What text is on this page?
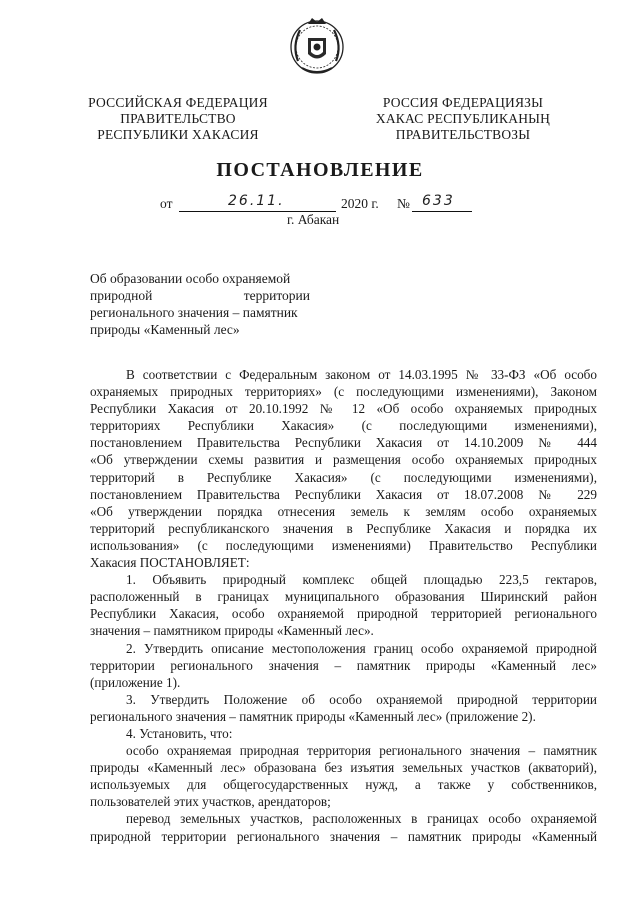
РОССИЙСКАЯ ФЕДЕРАЦИЯ
ПРАВИТЕЛЬСТВО
РЕСПУБЛИКИ ХАКАСИЯ
РОССИЯ ФЕДЕРАЦИЯЗЫ
ХАКАС РЕСПУБЛИКАНЫҢ
ПРАВИТЕЛЬСТВОЗЫ
ПОСТАНОВЛЕНИЕ
от	26.11.	2020 г. № 633
г. Абакан
Об образовании особо охраняемой
природной	территории
регионального значения – памятник
природы «Каменный лес»

В соответствии с Федеральным законом от 14.03.1995 № 33-ФЗ «Об особо

охраняемых природных территориях» (с последующими изменениями), Законом

Республики Хакасия от 20.10.1992 № 12 «Об особо охраняемых природных

территориях Республики Хакасия» (с последующими изменениями),

постановлением Правительства Республики Хакасия от 14.10.2009 № 444

«Об утверждении схемы развития и размещения особо охраняемых природных

территорий в Республике Хакасия» (с последующими изменениями),

постановлением Правительства Республики Хакасия от 18.07.2008 № 229

«Об утверждении порядка отнесения земель к землям особо охраняемых

территорий республиканского значения в Республике Хакасия и порядка их

использования» (с последующими изменениями) Правительство Республики

Хакасия ПОСТАНОВЛЯЕТ:

1. Объявить природный комплекс общей площадью 223,5 гектаров,

расположенный в границах муниципального образования Ширинский район

Республики Хакасия, особо охраняемой природной территорией регионального

значения – памятником природы «Каменный лес».

2. Утвердить описание местоположения границ особо охраняемой природной

территории регионального значения – памятник природы «Каменный лес»

(приложение 1).

3. Утвердить Положение об особо охраняемой природной территории

регионального значения – памятник природы «Каменный лес» (приложение 2).

4. Установить, что:

особо охраняемая природная территория регионального значения – памятник

природы «Каменный лес» образована без изъятия земельных участков (акваторий),

используемых для общегосударственных нужд, а также у собственников,

пользователей этих участков, арендаторов;

перевод земельных участков, расположенных в границах особо охраняемой

природной территории регионального значения – памятник природы «Каменный
